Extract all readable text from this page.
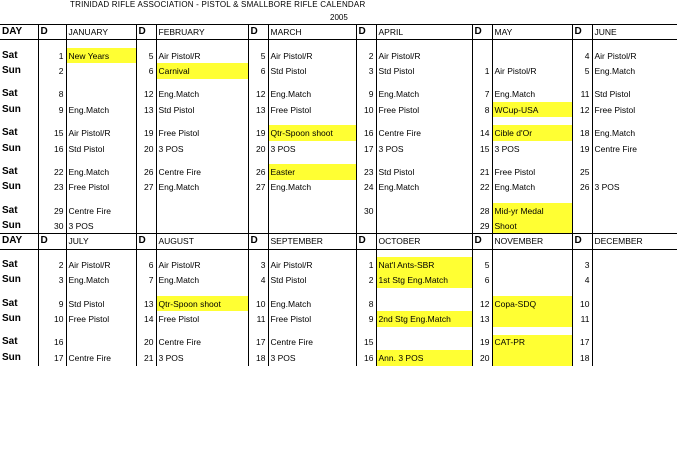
TRINIDAD RIFLE ASSOCIATION - PISTOL & SMALLBORE RIFLE CALENDAR
2005
DAY	D	JANUARY	D	FEBRUARY	D	MARCH	D	APRIL	D	MAY	D	JUNE

Sat	1	New Years	5	Air Pistol/R	5	Air Pistol/R	2	Air Pistol/R			4	Air Pistol/R
Sun	2		6	Carnival	6	Std Pistol	3	Std Pistol	1	Air Pistol/R	5	Eng.Match

Sat	8		12	Eng.Match	12	Eng.Match	9	Eng.Match	7	Eng.Match	11	Std Pistol
Sun	9	Eng.Match	13	Std Pistol	13	Free Pistol	10	Free Pistol	8	WCup-USA	12	Free Pistol

Sat	15	Air Pistol/R	19	Free Pistol	19	Qtr-Spoon shoot	16	Centre Fire	14	Cible d'Or	18	Eng.Match
Sun	16	Std Pistol	20	3 POS	20	3 POS	17	3 POS	15	3 POS	19	Centre Fire

Sat	22	Eng.Match	26	Centre Fire	26	Easter	23	Std Pistol	21	Free Pistol	25	
Sun	23	Free Pistol	27	Eng.Match	27	Eng.Match	24	Eng.Match	22	Eng.Match	26	3 POS

Sat	29	Centre Fire					30		28	Mid-yr Medal		
Sun	30	3 POS							29	Shoot		
DAY	D	JULY	D	AUGUST	D	SEPTEMBER	D	OCTOBER	D	NOVEMBER	D	DECEMBER

Sat	2	Air Pistol/R	6	Air Pistol/R	3	Air Pistol/R	1	Nat'l Ants-SBR	5		3	
Sun	3	Eng.Match	7	Eng.Match	4	Std Pistol	2	1st Stg Eng.Match	6		4	

Sat	9	Std Pistol	13	Qtr-Spoon shoot	10	Eng.Match	8		12	Copa-SDQ	10	
Sun	10	Free Pistol	14	Free Pistol	11	Free Pistol	9	2nd Stg Eng.Match	13		11	

Sat	16		20	Centre Fire	17	Centre Fire	15		19	CAT-PR	17	
Sun	17	Centre Fire	21	3 POS	18	3 POS	16	Ann. 3 POS	20		18	
